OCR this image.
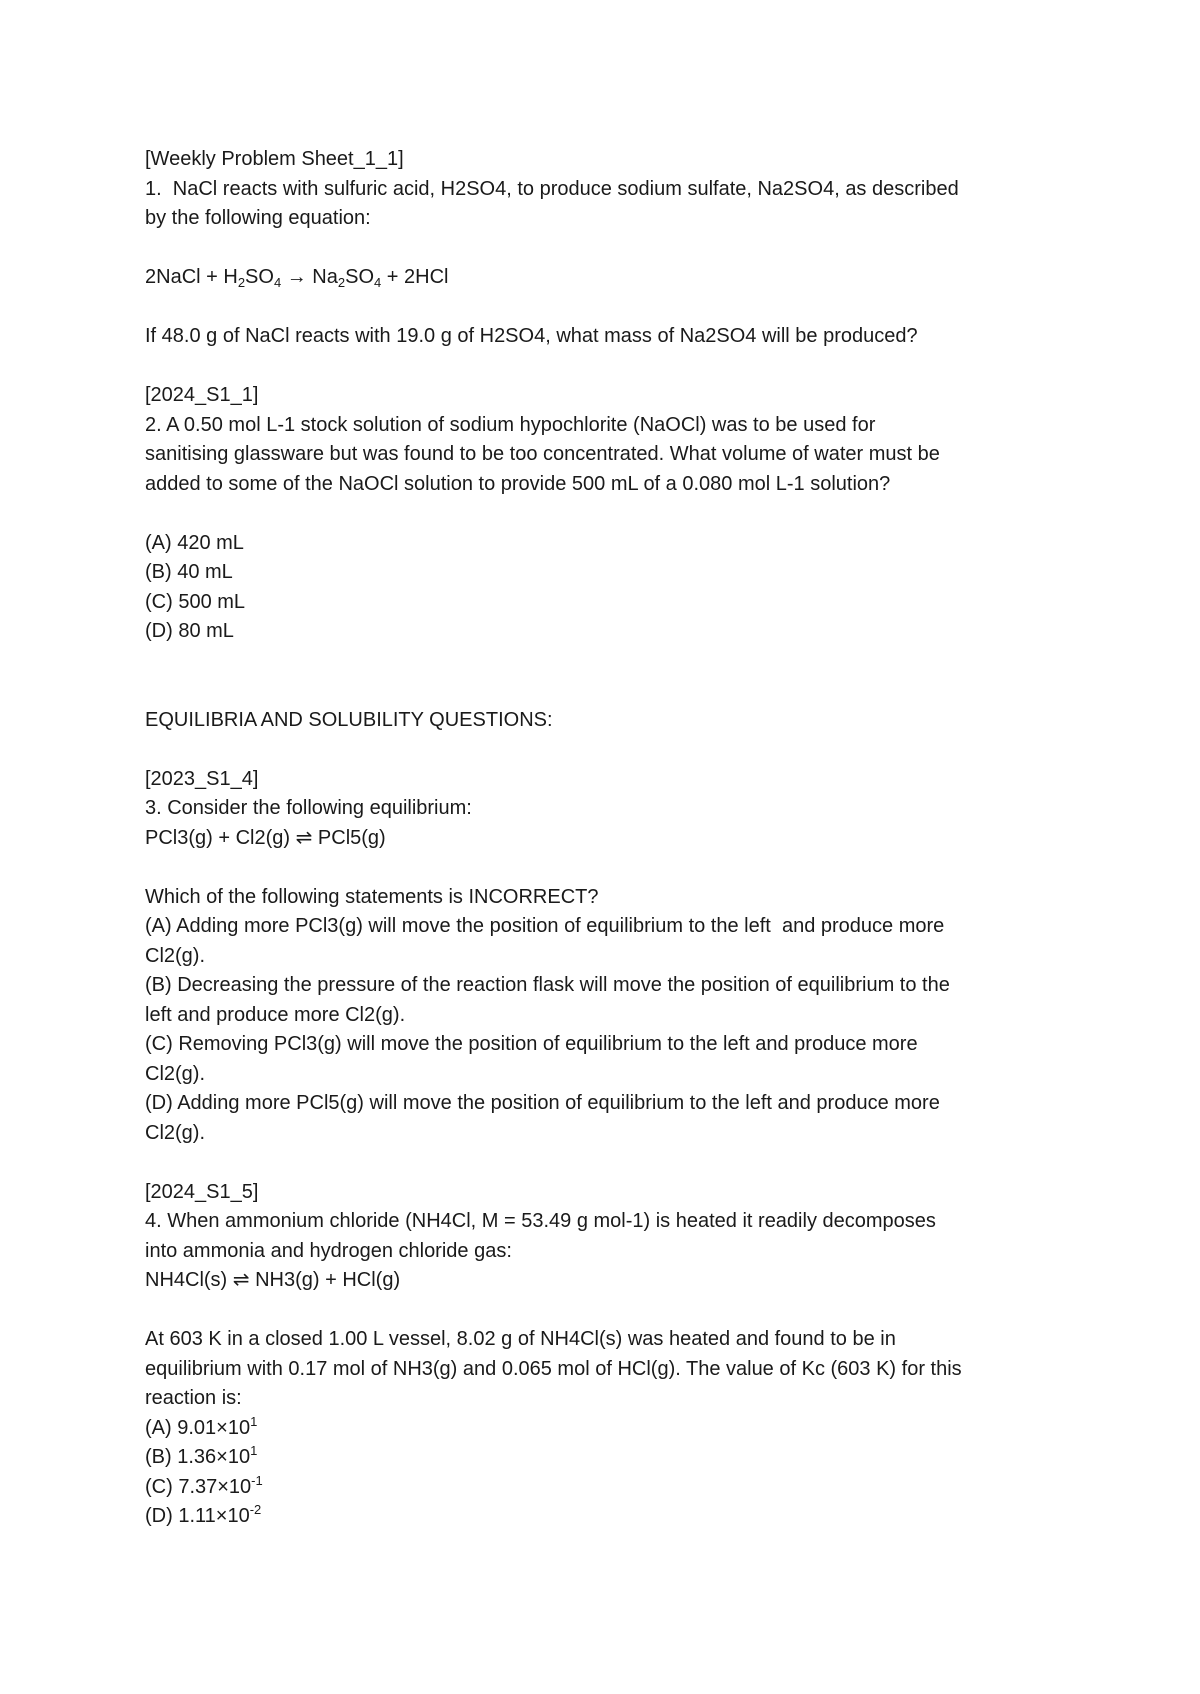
[Weekly Problem Sheet_1_1]

1.  NaCl reacts with sulfuric acid, H2SO4, to produce sodium sulfate, Na2SO4, as described

by the following equation:

2NaCl + $H_2SO_4 \to Na_2SO_4 + 2HCl$

If 48.0 g of NaCl reacts with 19.0 g of H2SO4, what mass of Na2SO4 will be produced?

[2024_S1_1]

2. A 0.50 mol L-1 stock solution of sodium hypochlorite (NaOCl) was to be used for

sanitising glassware but was found to be too concentrated. What volume of water must be

added to some of the NaOCl solution to provide 500 mL of a 0.080 mol L-1 solution?

(A) 420 mL

(B) 40 mL

(C) 500 mL

(D) 80 mL

EQUILIBRIA AND SOLUBILITY QUESTIONS:

[2023_S1_4]

3. Consider the following equilibrium:

PCl3(g) + Cl2(g) ⇌ PCl5(g)

Which of the following statements is INCORRECT?

(A) Adding more PCl3(g) will move the position of equilibrium to the left  and produce more

Cl2(g).

(B) Decreasing the pressure of the reaction flask will move the position of equilibrium to the

left and produce more Cl2(g).

(C) Removing PCl3(g) will move the position of equilibrium to the left and produce more

Cl2(g).

(D) Adding more PCl5(g) will move the position of equilibrium to the left and produce more

Cl2(g).

[2024_S1_5]

4. When ammonium chloride (NH4Cl, M = 53.49 g mol-1) is heated it readily decomposes

into ammonia and hydrogen chloride gas:

NH4Cl(s) ⇌ NH3(g) + HCl(g)

At 603 K in a closed 1.00 L vessel, 8.02 g of NH4Cl(s) was heated and found to be in

equilibrium with 0.17 mol of NH3(g) and 0.065 mol of HCl(g). The value of Kc (603 K) for this

reaction is:

(A) $9.01\times 10^1$

(B) $1.36\times 10^1$

(C) $7.37\times 10^{-1}$

(D) $1.11\times 10^{-2}$
